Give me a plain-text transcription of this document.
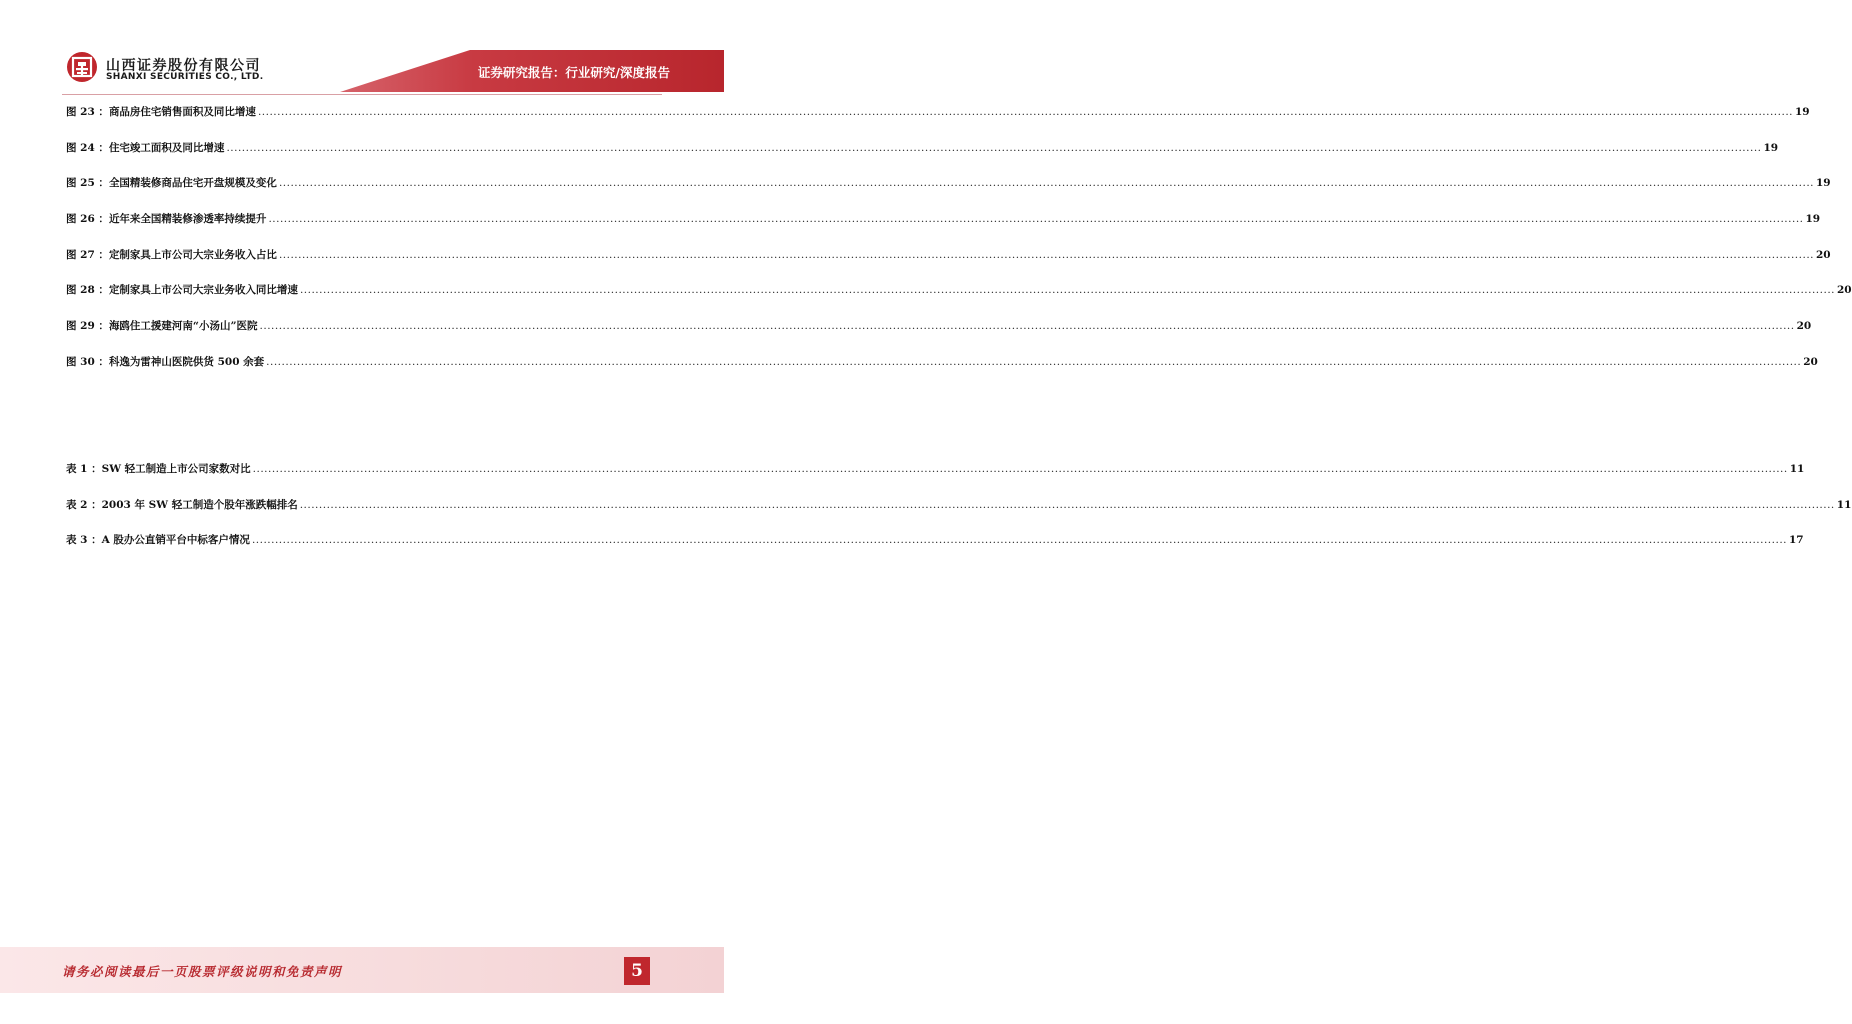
山西证券股份有限公司
SHANXI SECURITIES CO., LTD.	证券研究报告：行业研究/深度报告
图 23 ： 商品房住宅销售面积及同比增速 ................................................................................................................................................................................................................................................................................................................................................................................................................ 19
图 24 ： 住宅竣工面积及同比增速 ................................................................................................................................................................................................................................................................................................................................................................................................................ 19
图 25 ： 全国精装修商品住宅开盘规模及变化 ................................................................................................................................................................................................................................................................................................................................................................................................................ 19
图 26 ： 近年来全国精装修渗透率持续提升 ................................................................................................................................................................................................................................................................................................................................................................................................................ 19
图 27 ： 定制家具上市公司大宗业务收入占比 ................................................................................................................................................................................................................................................................................................................................................................................................................ 20
图 28 ： 定制家具上市公司大宗业务收入同比增速 ................................................................................................................................................................................................................................................................................................................................................................................................................ 20
图 29 ： 海鸥住工援建河南“小汤山”医院 ................................................................................................................................................................................................................................................................................................................................................................................................................ 20
图 30 ： 科逸为雷神山医院供货 500 余套 ................................................................................................................................................................................................................................................................................................................................................................................................................ 20
表 1 ： SW 轻工制造上市公司家数对比 ................................................................................................................................................................................................................................................................................................................................................................................................................ 11
表 2 ： 2003 年 SW 轻工制造个股年涨跌幅排名 ................................................................................................................................................................................................................................................................................................................................................................................................................ 11
表 3 ： A 股办公直销平台中标客户情况 ................................................................................................................................................................................................................................................................................................................................................................................................................ 17
请务必阅读最后一页股票评级说明和免责声明	5
